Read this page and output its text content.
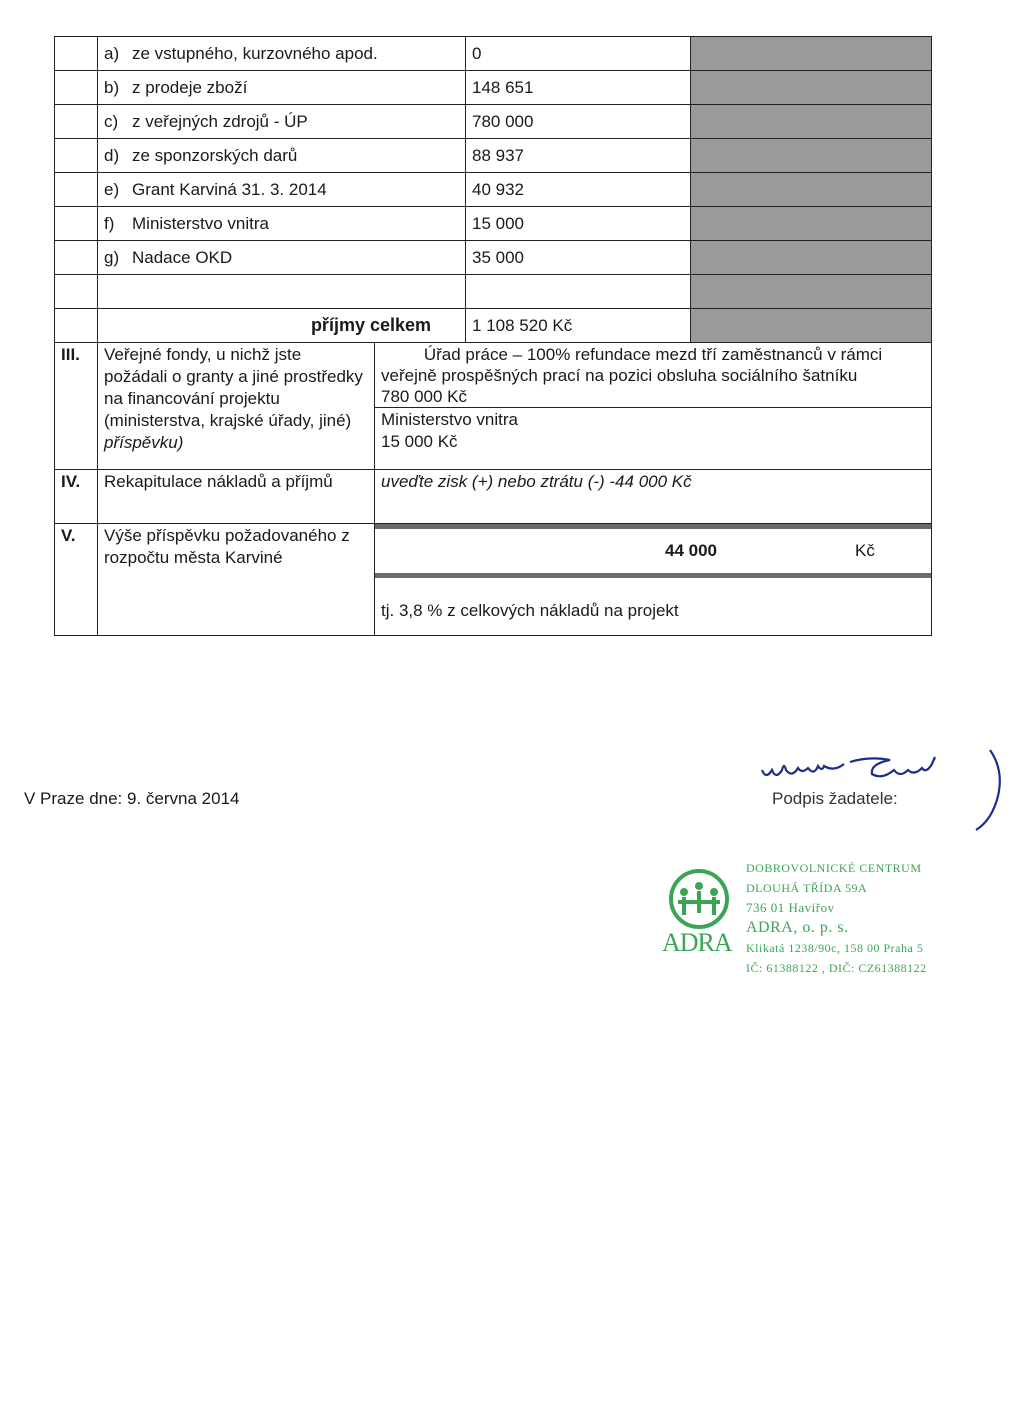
	a) ze vstupného, kurzovného apod.		0	
	b) z prodeje zboží		148 651	
	c) z veřejných zdrojů - ÚP		780 000	
	d) ze sponzorských darů		88 937	
	e) Grant Karviná 31. 3. 2014		40 932	
	f) Ministerstvo vnitra		15 000	
	g) Nadace OKD		35 000	

	příjmy celkem		1 108 520 Kč	
III.	Veřejné fondy, u nichž jste požádali o granty a jiné prostředky na financování projektu (ministerstva, krajské úřady, jiné) příspěvku)	Úřad práce – 100% refundace mezd tří zaměstnanců v rámci
veřejně prospěšných prací na pozici obsluha sociálního šatníku
780 000 Kč		

		Ministerstvo vnitra
15 000 Kč		

IV.	Rekapitulace nákladů a příjmů	uveďte zisk (+) nebo ztrátu (-) -44 000 Kč		
V.	Výše příspěvku požadovaného z rozpočtu města Karviné	44 000 Kč
tj. 3,8 % z celkových nákladů na projekt		
V Praze dne: 9. června 2014	Podpis žadatele:
ADRA
DOBROVOLNICKÉ CENTRUM
DLOUHÁ TŘÍDA 59A
736 01 Havířov
ADRA, o. p. s.
Klikatá 1238/90c, 158 00 Praha 5
IČ: 61388122 , DIČ: CZ61388122
